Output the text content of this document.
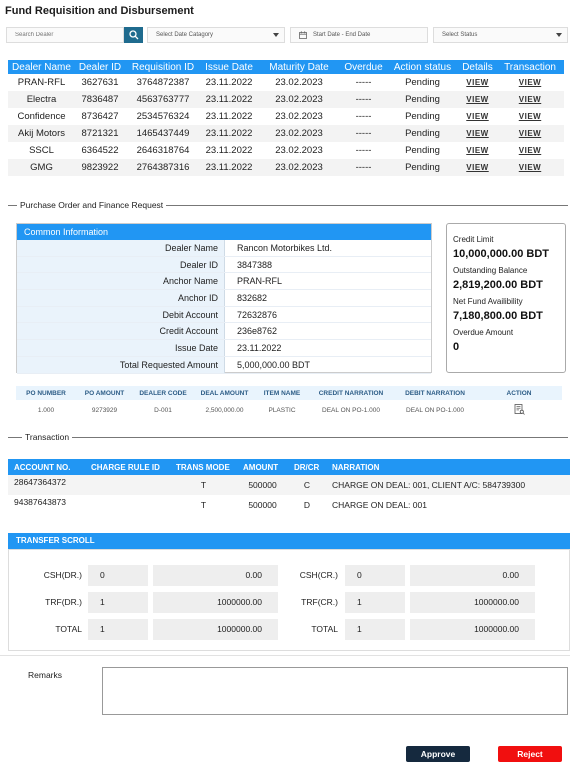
Fund Requisition and Disbursement
Search Dealer
Select Date Catagory	Start Date - End Date	Select Status
Dealer Name	Dealer ID	Requisition ID	Issue Date	Maturity Date	Overdue	Action status	Details	Transaction
PRAN-RFL	3627631	3764872387	23.11.2022	23.02.2023	-----	Pending	VIEW	VIEW
Electra	7836487	4563763777	23.11.2022	23.02.2023	-----	Pending	VIEW	VIEW
Confidence	8736427	2534576324	23.11.2022	23.02.2023	-----	Pending	VIEW	VIEW
Akij Motors	8721321	1465437449	23.11.2022	23.02.2023	-----	Pending	VIEW	VIEW
SSCL	6364522	2646318764	23.11.2022	23.02.2023	-----	Pending	VIEW	VIEW
GMG	9823922	2764387316	23.11.2022	23.02.2023	-----	Pending	VIEW	VIEW
Purchase Order and Finance Request
Common Information
Dealer Name	Rancon Motorbikes Ltd.
Dealer ID	3847388
Anchor Name	PRAN-RFL
Anchor ID	832682
Debit Account	72632876
Credit Account	236e8762
Issue Date	23.11.2022
Total Requested Amount	5,000,000.00 BDT
Credit Limit
10,000,000.00 BDT
Outstanding Balance
2,819,200.00 BDT
Net Fund Availibility
7,180,800.00 BDT
Overdue Amount
0
PO NUMBER	PO AMOUNT	DEALER CODE	DEAL AMOUNT	ITEM NAME	CREDIT NARRATION	DEBIT NARRATION	ACTION
1.000	9273929	D-001	2,500,000.00	PLASTIC	DEAL ON PO-1.000	DEAL ON PO-1.000	
Transaction
ACCOUNT NO.	CHARGE RULE ID	TRANS MODE	AMOUNT	DR/CR	NARRATION
28647364372		T	500000	C	CHARGE ON DEAL: 001, CLIENT A/C: 584739300
94387643873		T	500000	D	CHARGE ON DEAL: 001
TRANSFER SCROLL
CSH(DR.)	0	0.00
TRF(DR.)	1	1000000.00
TOTAL	1	1000000.00
CSH(CR.)	0	0.00
TRF(CR.)	1	1000000.00
TOTAL	1	1000000.00
Remarks
Approve	Reject
